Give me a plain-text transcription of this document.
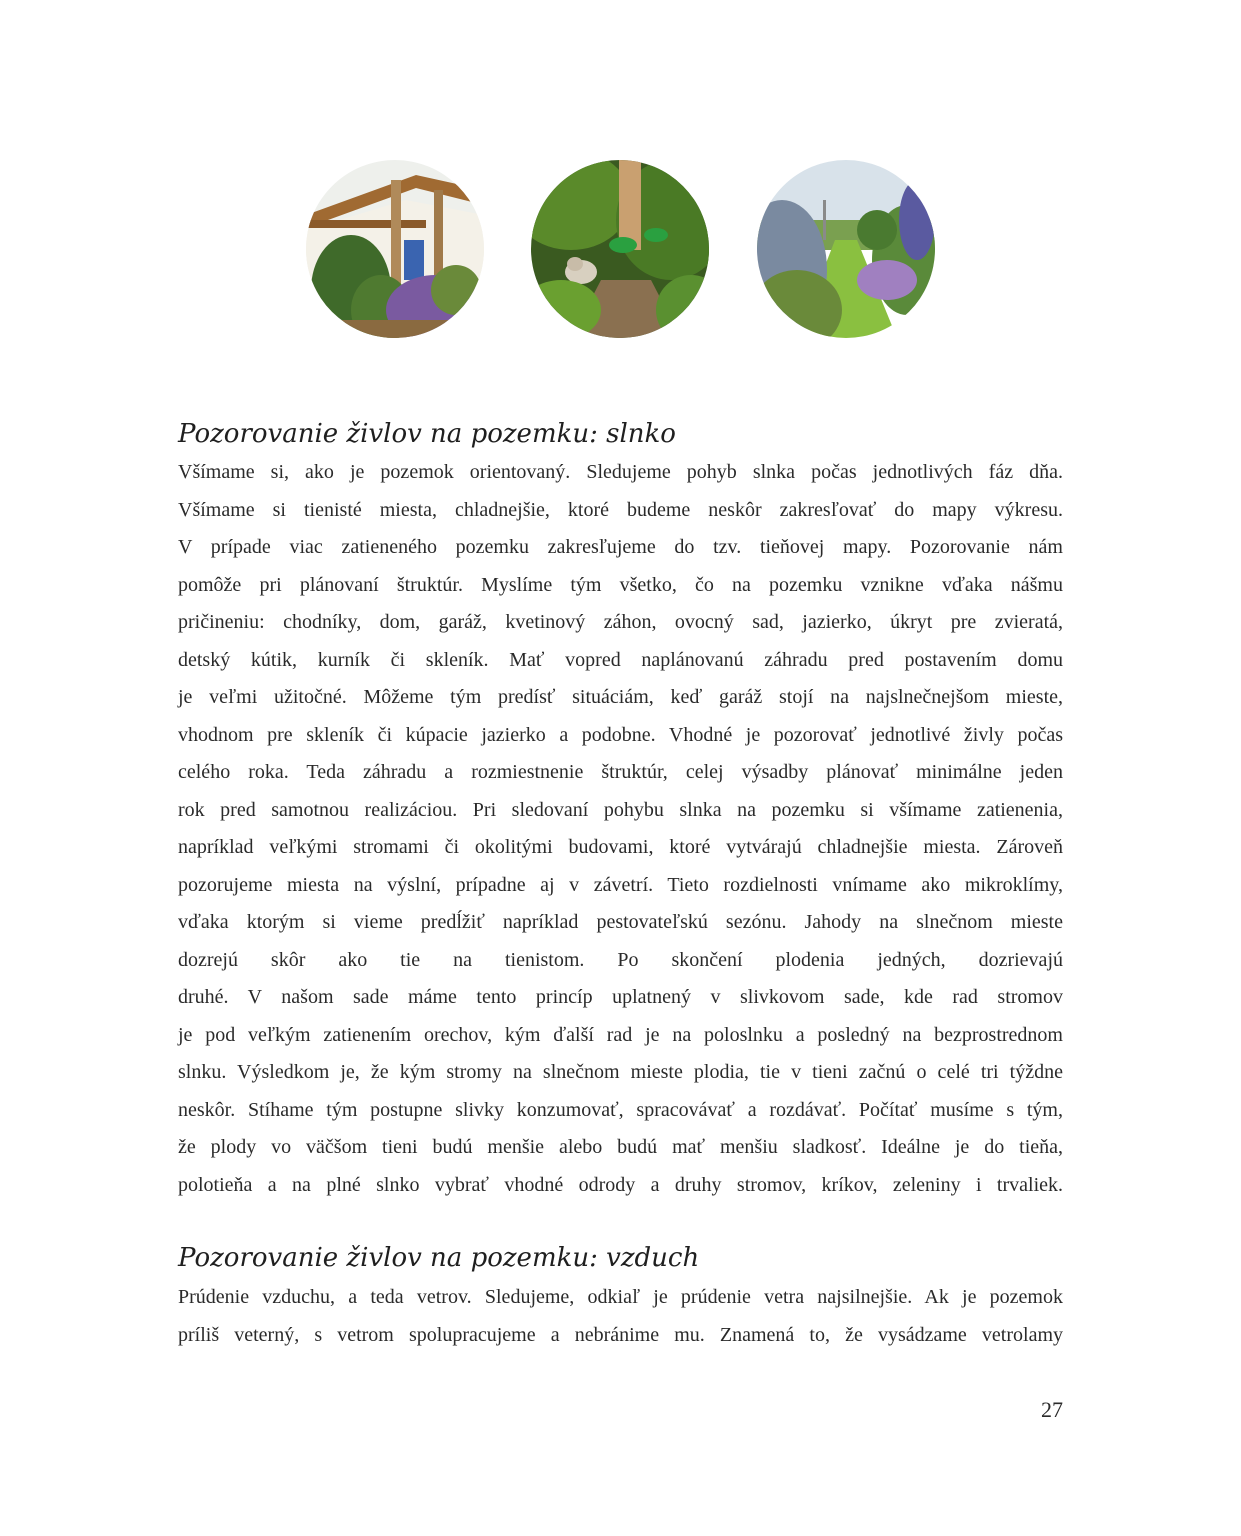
Pozorovanie živlov na pozemku: slnko
Všímame si, ako je pozemok orientovaný. Sledujeme pohyb slnka počas jednotlivých fáz dňa.
Všímame si tienisté miesta, chladnejšie, ktoré budeme neskôr zakresľovať do mapy výkresu.
V prípade viac zatieneného pozemku zakresľujeme do tzv. tieňovej mapy. Pozorovanie nám
pomôže pri plánovaní štruktúr. Myslíme tým všetko, čo na pozemku vznikne vďaka nášmu
pričineniu: chodníky, dom, garáž, kvetinový záhon, ovocný sad, jazierko, úkryt pre zvieratá,
detský kútik, kurník či skleník. Mať vopred naplánovanú záhradu pred postavením domu
je veľmi užitočné. Môžeme tým predísť situáciám, keď garáž stojí na najslnečnejšom mieste,
vhodnom pre skleník či kúpacie jazierko a podobne. Vhodné je pozorovať jednotlivé živly počas
celého roka. Teda záhradu a rozmiestnenie štruktúr, celej výsadby plánovať minimálne jeden
rok pred samotnou realizáciou. Pri sledovaní pohybu slnka na pozemku si všímame zatienenia,
napríklad veľkými stromami či okolitými budovami, ktoré vytvárajú chladnejšie miesta. Zároveň
pozorujeme miesta na výslní, prípadne aj v závetrí. Tieto rozdielnosti vnímame ako mikroklímy,
vďaka ktorým si vieme predĺžiť napríklad pestovateľskú sezónu. Jahody na slnečnom mieste
dozrejú skôr ako tie na tienistom. Po skončení plodenia jedných, dozrievajú
druhé. V našom sade máme tento princíp uplatnený v slivkovom sade, kde rad stromov
je pod veľkým zatienením orechov, kým ďalší rad je na poloslnku a posledný na bezprostrednom
slnku. Výsledkom je, že kým stromy na slnečnom mieste plodia, tie v tieni začnú o celé tri týždne
neskôr. Stíhame tým postupne slivky konzumovať, spracovávať a rozdávať. Počítať musíme s tým,
že plody vo väčšom tieni budú menšie alebo budú mať menšiu sladkosť. Ideálne je do tieňa,
polotieňa a na plné slnko vybrať vhodné odrody a druhy stromov, kríkov, zeleniny i trvaliek.
Pozorovanie živlov na pozemku: vzduch
Prúdenie vzduchu, a teda vetrov. Sledujeme, odkiaľ je prúdenie vetra najsilnejšie. Ak je pozemok
príliš veterný, s vetrom spolupracujeme a nebránime mu. Znamená to, že vysádzame vetrolamy

27
